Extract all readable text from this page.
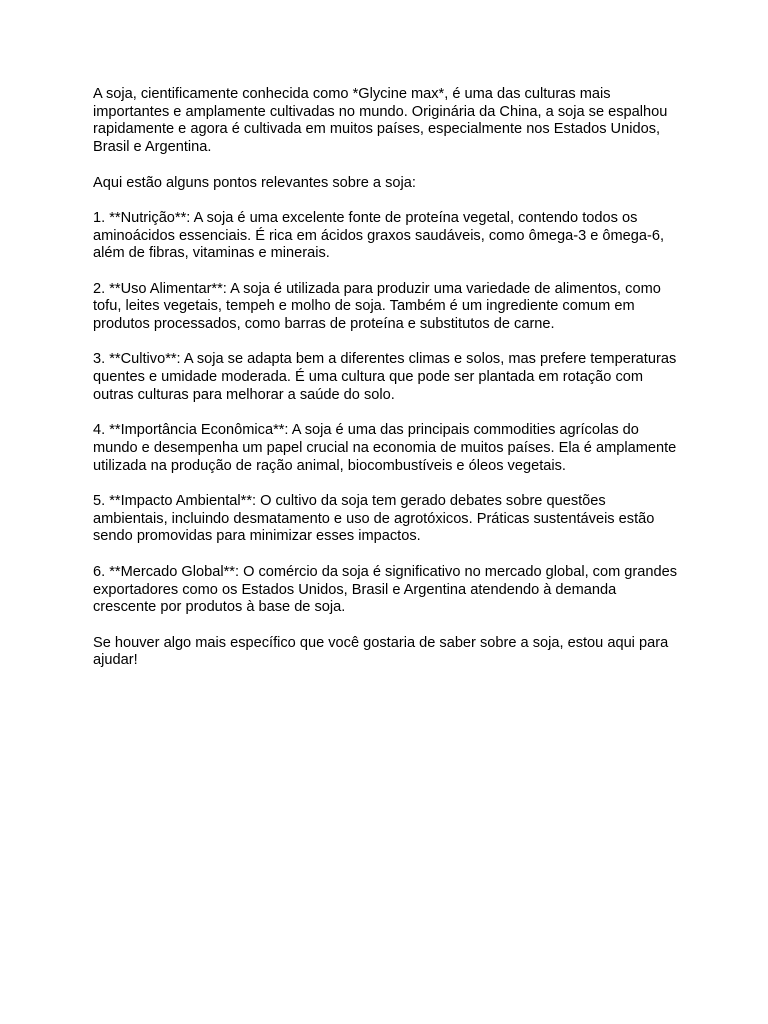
A soja, cientificamente conhecida como *Glycine max*, é uma das culturas mais importantes e amplamente cultivadas no mundo. Originária da China, a soja se espalhou rapidamente e agora é cultivada em muitos países, especialmente nos Estados Unidos, Brasil e Argentina.

Aqui estão alguns pontos relevantes sobre a soja:

1. **Nutrição**: A soja é uma excelente fonte de proteína vegetal, contendo todos os aminoácidos essenciais. É rica em ácidos graxos saudáveis, como ômega-3 e ômega-6, além de fibras, vitaminas e minerais.

2. **Uso Alimentar**: A soja é utilizada para produzir uma variedade de alimentos, como tofu, leites vegetais, tempeh e molho de soja. Também é um ingrediente comum em produtos processados, como barras de proteína e substitutos de carne.

3. **Cultivo**: A soja se adapta bem a diferentes climas e solos, mas prefere temperaturas quentes e umidade moderada. É uma cultura que pode ser plantada em rotação com outras culturas para melhorar a saúde do solo.

4. **Importância Econômica**: A soja é uma das principais commodities agrícolas do mundo e desempenha um papel crucial na economia de muitos países. Ela é amplamente utilizada na produção de ração animal, biocombustíveis e óleos vegetais.

5. **Impacto Ambiental**: O cultivo da soja tem gerado debates sobre questões ambientais, incluindo desmatamento e uso de agrotóxicos. Práticas sustentáveis estão sendo promovidas para minimizar esses impactos.

6. **Mercado Global**: O comércio da soja é significativo no mercado global, com grandes exportadores como os Estados Unidos, Brasil e Argentina atendendo à demanda crescente por produtos à base de soja.

Se houver algo mais específico que você gostaria de saber sobre a soja, estou aqui para ajudar!
